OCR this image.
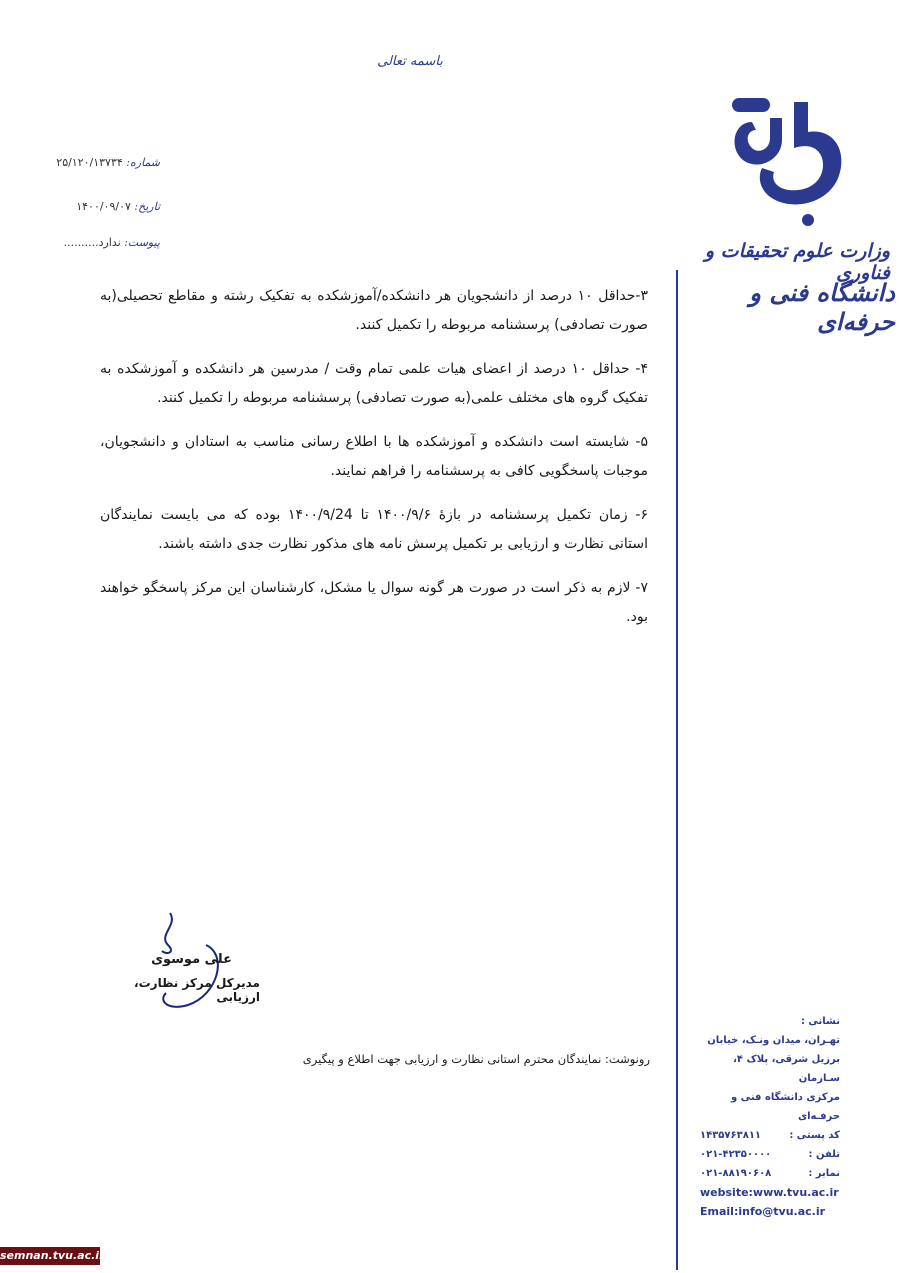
باسمه تعالی
شماره: ۲۵/۱۲۰/۱۳۷۳۴
تاریخ: ۱۴۰۰/۰۹/۰۷
پیوست: ندارد..........	وزارت علوم تحقیقات و فناوری
دانشگاه فنی و حرفه‌ای

۳-حداقل ۱۰ درصد از دانشجویان هر دانشکده/آموزشکده به تفکیک رشته و مقاطع تحصیلی(به صورت تصادفی) پرسشنامه مربوطه را تکمیل کنند.

۴- حداقل ۱۰ درصد از اعضای هیات علمی تمام وقت / مدرسین هر دانشکده و آموزشکده به تفکیک گروه های مختلف علمی(به صورت تصادفی) پرسشنامه مربوطه را تکمیل کنند.

۵- شایسته است دانشکده و آموزشکده ها با اطلاع رسانی مناسب به استادان و دانشجویان، موجبات پاسخگویی کافی به پرسشنامه را فراهم نمایند.

۶- زمان تکمیل پرسشنامه در بازهٔ ۱۴۰۰/۹/۶ تا ۱۴۰۰/۹/24 بوده که می بایست نمایندگان استانی نظارت و ارزیابی بر تکمیل پرسش نامه های مذکور نظارت جدی داشته باشند.

۷- لازم به ذکر است در صورت هر گونه سوال یا مشکل، کارشناسان این مرکز پاسخگو خواهند بود.

علی موسوی
مدیرکل مرکز نظارت، ارزیابی
رونوشت: نمایندگان محترم استانی نظارت و ارزیابی جهت اطلاع و پیگیری
نشانی :
تهـران، میدان ونـک، خیابان
برزیل شرقی، پلاک ۴، سـازمان
مرکزی دانشگاه فنی و حرفـه‌ای
کد پستی :
۱۴۳۵۷۶۳۸۱۱
تلفن :
۰۲۱-۴۲۳۵۰۰۰۰
نمابر :
۰۲۱-۸۸۱۹۰۶۰۸
website:www.tvu.ac.ir
Email:info@tvu.ac.ir
semnan.tvu.ac.ir
